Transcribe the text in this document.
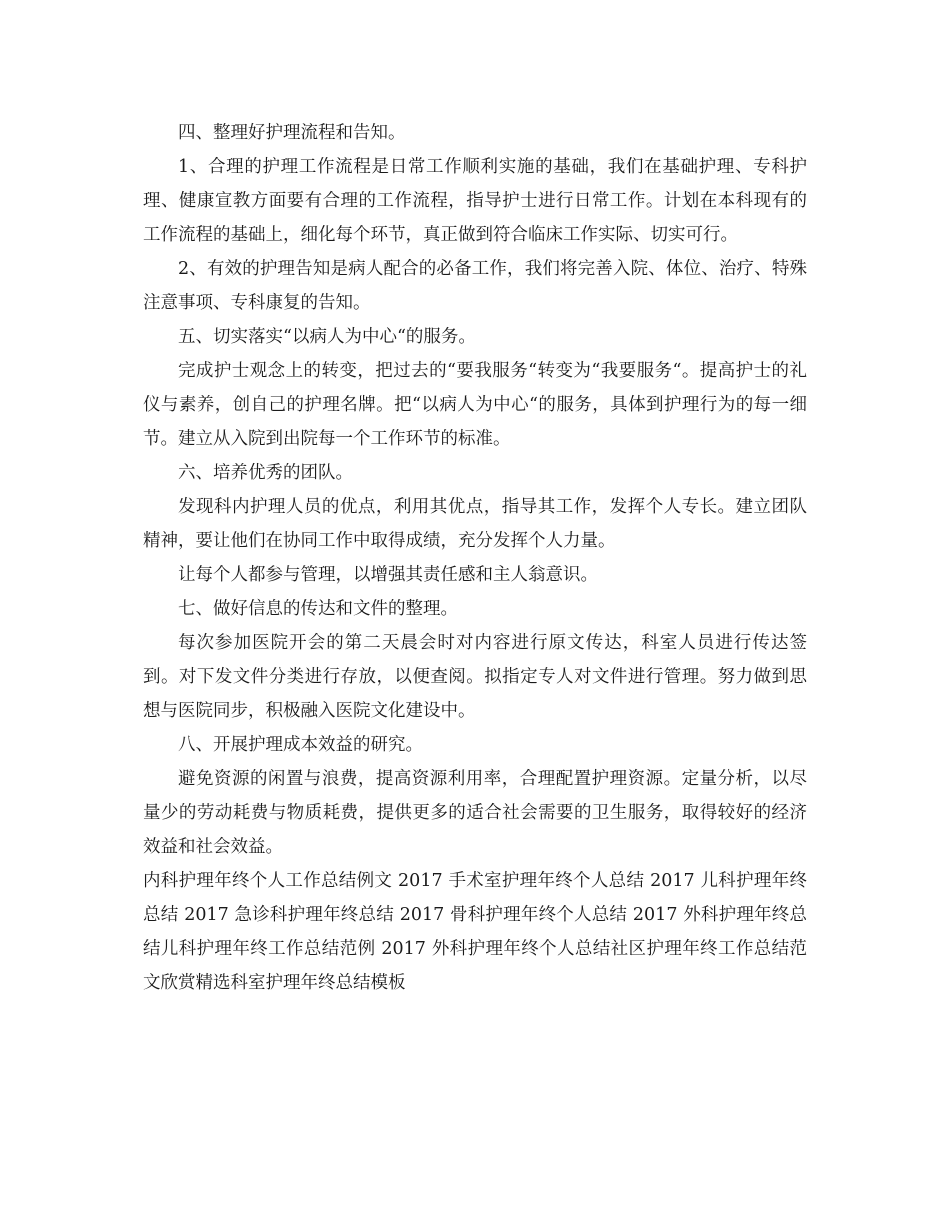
四、整理好护理流程和告知。

1、合理的护理工作流程是日常工作顺利实施的基础，我们在基础护理、专科护理、健康宣教方面要有合理的工作流程，指导护士进行日常工作。计划在本科现有的工作流程的基础上，细化每个环节，真正做到符合临床工作实际、切实可行。

2、有效的护理告知是病人配合的必备工作，我们将完善入院、体位、治疗、特殊注意事项、专科康复的告知。

五、切实落实“以病人为中心“的服务。

完成护士观念上的转变，把过去的“要我服务“转变为“我要服务“。提高护士的礼仪与素养，创自己的护理名牌。把“以病人为中心“的服务，具体到护理行为的每一细节。建立从入院到出院每一个工作环节的标准。

六、培养优秀的团队。

发现科内护理人员的优点，利用其优点，指导其工作，发挥个人专长。建立团队精神，要让他们在协同工作中取得成绩，充分发挥个人力量。

让每个人都参与管理，以增强其责任感和主人翁意识。

七、做好信息的传达和文件的整理。

每次参加医院开会的第二天晨会时对内容进行原文传达，科室人员进行传达签到。对下发文件分类进行存放，以便查阅。拟指定专人对文件进行管理。努力做到思想与医院同步，积极融入医院文化建设中。

八、开展护理成本效益的研究。

避免资源的闲置与浪费，提高资源利用率，合理配置护理资源。定量分析，以尽量少的劳动耗费与物质耗费，提供更多的适合社会需要的卫生服务，取得较好的经济效益和社会效益。

内科护理年终个人工作总结例文 2017 手术室护理年终个人总结 2017 儿科护理年终总结 2017 急诊科护理年终总结 2017 骨科护理年终个人总结 2017 外科护理年终总结儿科护理年终工作总结范例 2017 外科护理年终个人总结社区护理年终工作总结范文欣赏精选科室护理年终总结模板
